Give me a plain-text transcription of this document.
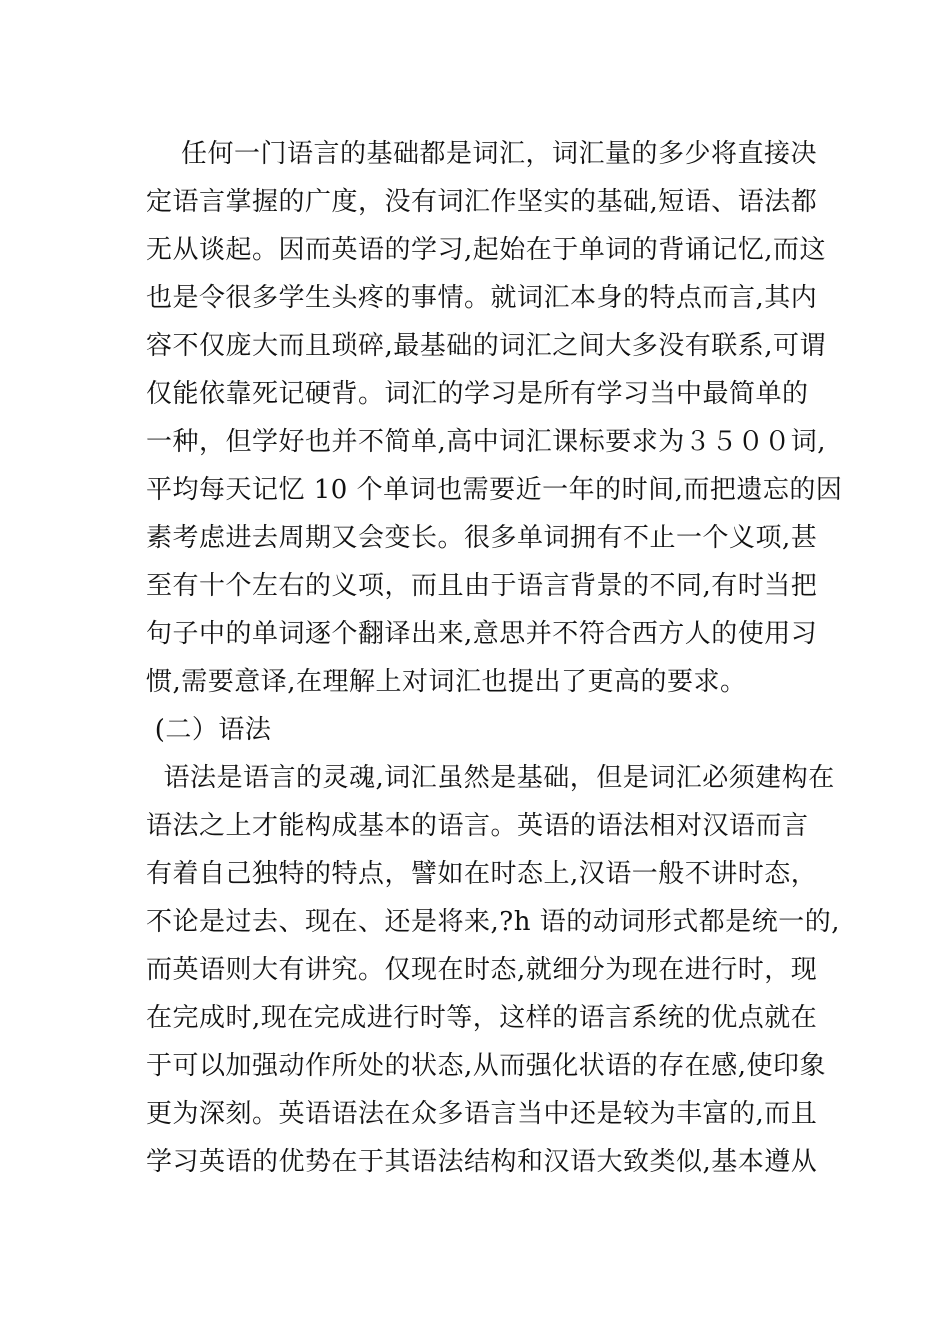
任何一门语言的基础都是词汇，词汇量的多少将直接决
定语言掌握的广度，没有词汇作坚实的基础,短语、语法都
无从谈起。因而英语的学习,起始在于单词的背诵记忆,而这
也是令很多学生头疼的事情。就词汇本身的特点而言,其内
容不仅庞大而且琐碎,最基础的词汇之间大多没有联系,可谓
仅能依靠死记硬背。词汇的学习是所有学习当中最简单的
一种，但学好也并不简单,高中词汇课标要求为３５００词,
平均每天记忆 10 个单词也需要近一年的时间,而把遗忘的因
素考虑进去周期又会变长。很多单词拥有不止一个义项,甚
至有十个左右的义项，而且由于语言背景的不同,有时当把
句子中的单词逐个翻译出来,意思并不符合西方人的使用习
惯,需要意译,在理解上对词汇也提出了更高的要求。
(二）语法
语法是语言的灵魂,词汇虽然是基础，但是词汇必须建构在
语法之上才能构成基本的语言。英语的语法相对汉语而言
有着自己独特的特点，譬如在时态上,汉语一般不讲时态，
不论是过去、现在、还是将来,?h 语的动词形式都是统一的,
而英语则大有讲究。仅现在时态,就细分为现在进行时，现
在完成时,现在完成进行时等，这样的语言系统的优点就在
于可以加强动作所处的状态,从而强化状语的存在感,使印象
更为深刻。英语语法在众多语言当中还是较为丰富的,而且
学习英语的优势在于其语法结构和汉语大致类似,基本遵从
